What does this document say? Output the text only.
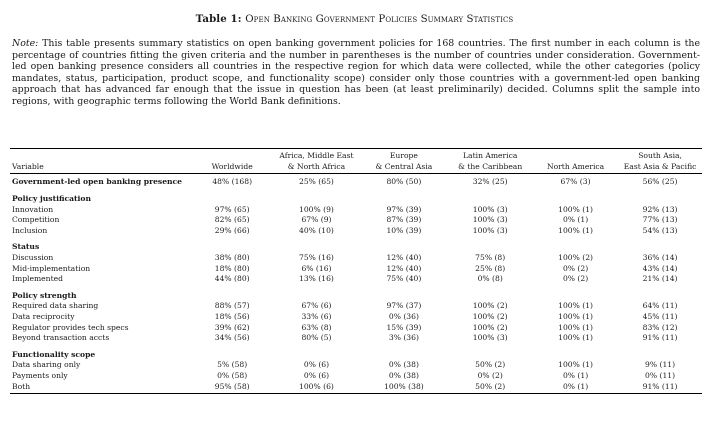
Table 1: Open Banking Government Policies Summary Statistics
Note: This table presents summary statistics on open banking government policies for 168 countries. The first number in each column is the percentage of countries fitting the given criteria and the number in parentheses is the number of countries under consideration. Government-led open banking presence considers all countries in the respective region for which data were collected, while the other categories (policy mandates, status, participation, product scope, and functionality scope) consider only those countries with a government-led open banking approach that has advanced far enough that the issue in question has been (at least preliminarily) decided. Columns split the sample into regions, with geographic terms following the World Bank definitions.

		Africa, Middle East	Europe	Latin America		South Asia,
Variable	Worldwide	& North Africa	& Central Asia	& the Caribbean	North America	East Asia & Pacific

Government-led open banking presence	48% (168)	25% (65)	80% (50)	32% (25)	67% (3)	56% (25)

Policy justification						
Innovation	97% (65)	100% (9)	97% (39)	100% (3)	100% (1)	92% (13)
Competition	82% (65)	67% (9)	87% (39)	100% (3)	0% (1)	77% (13)
Inclusion	29% (66)	40% (10)	10% (39)	100% (3)	100% (1)	54% (13)

Status						
Discussion	38% (80)	75% (16)	12% (40)	75% (8)	100% (2)	36% (14)
Mid-implementation	18% (80)	6% (16)	12% (40)	25% (8)	0% (2)	43% (14)
Implemented	44% (80)	13% (16)	75% (40)	0% (8)	0% (2)	21% (14)

Policy strength						
Required data sharing	88% (57)	67% (6)	97% (37)	100% (2)	100% (1)	64% (11)
Data reciprocity	18% (56)	33% (6)	0% (36)	100% (2)	100% (1)	45% (11)
Regulator provides tech specs	39% (62)	63% (8)	15% (39)	100% (2)	100% (1)	83% (12)
Beyond transaction accts	34% (56)	80% (5)	3% (36)	100% (3)	100% (1)	91% (11)

Functionality scope						
Data sharing only	5% (58)	0% (6)	0% (38)	50% (2)	100% (1)	9% (11)
Payments only	0% (58)	0% (6)	0% (38)	0% (2)	0% (1)	0% (11)
Both	95% (58)	100% (6)	100% (38)	50% (2)	0% (1)	91% (11)
